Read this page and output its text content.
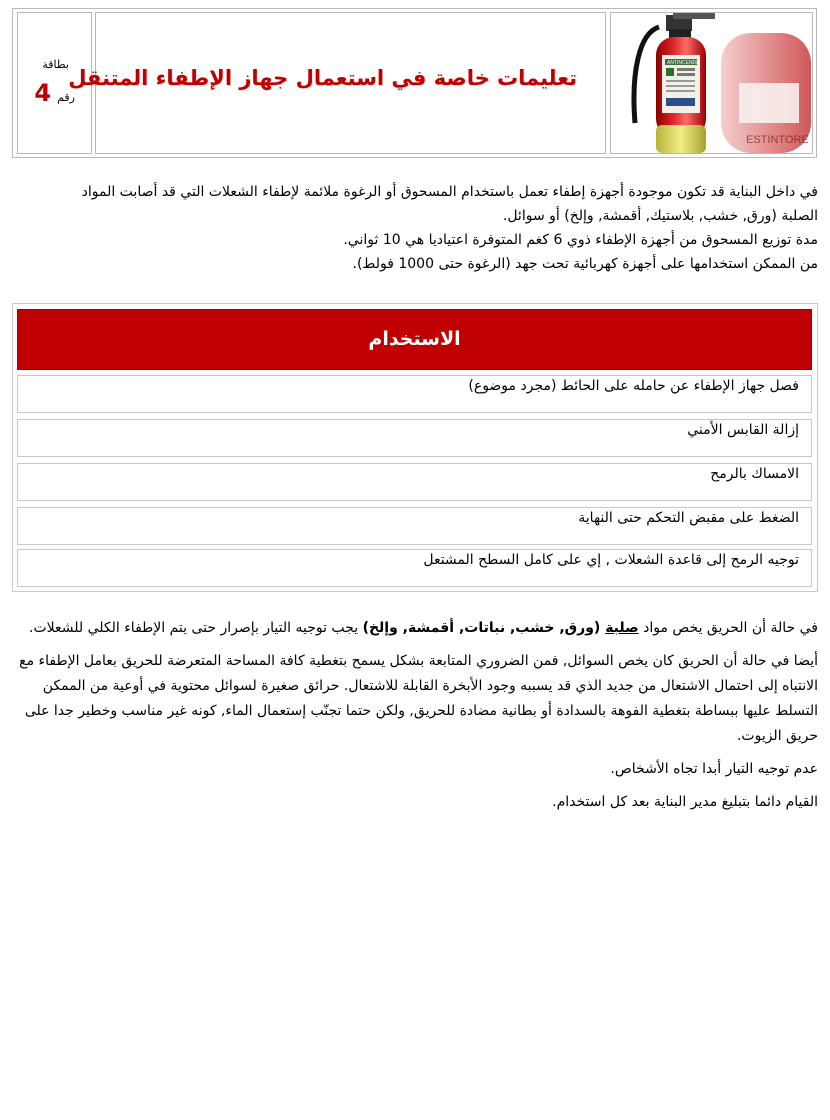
بطاقة
رقم
4
تعليمات خاصة في استعمال جهاز الإطفاء المتنقل
ESTINTORE
ANTINCENDI

في داخل البناية قد تكون موجودة أجهزة إطفاء تعمل باستخدام المسحوق أو الرغوة ملائمة لإطفاء الشعلات التي قد أصابت المواد

الصلبة (ورق, خشب, بلاستيك, أقمشة, وإلخ) أو سوائل.

مدة توزيع المسحوق من أجهزة الإطفاء ذوي 6 كغم المتوفرة اعتياديا هي 10 ثواني.

من الممكن استخدامها على أجهزة كهربائية تحت جهد (الرغوة حتى 1000 فولط).

الاستخدام
فصل جهاز الإطفاء عن حامله على الحائط (مجرد موضوع)
إزالة القابس الأمني
الامساك بالرمح
الضغط على مقبض التحكم حتى النهاية
توجيه الرمح إلى قاعدة الشعلات , إي على كامل السطح المشتعل

في حالة أن الحريق يخص مواد صلبة (ورق, خشب, نباتات, أقمشة, وإلخ) يجب توجيه التيار بإصرار حتى يتم الإطفاء الكلي للشعلات.

أيضا في حالة أن الحريق كان يخص السوائل, فمن الضروري المتابعة بشكل يسمح بتغطية كافة المساحة المتعرضة للحريق بعامل الإطفاء مع الانتباه إلى احتمال الاشتعال من جديد الذي قد يسببه وجود الأبخرة القابلة للاشتعال. حرائق صغيرة لسوائل محتوية في أوعية من الممكن التسلط عليها ببساطة بتغطية الفوهة بالسدادة أو بطانية مضادة للحريق, ولكن حتما تجنّب إستعمال الماء, كونه غير مناسب وخطير جدا على حريق الزيوت.

عدم توجيه التيار أبدا تجاه الأشخاص.

القيام دائما بتبليغ مدير البناية بعد كل استخدام.
